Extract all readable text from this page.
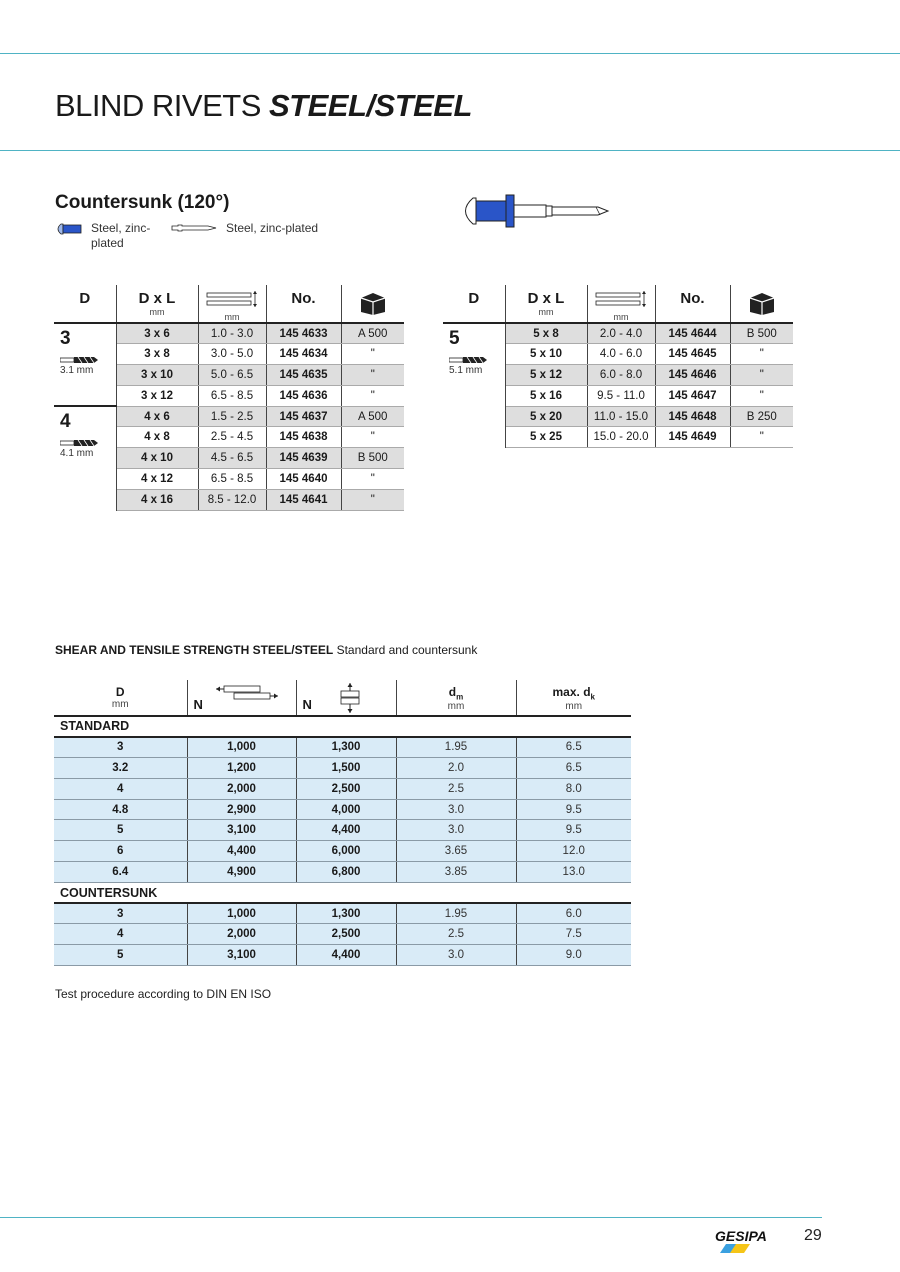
BLIND RIVETS STEEL/STEEL
Countersunk (120°)
Steel, zinc-plated
Steel, zinc-plated
D	D x L
mm	mm	No.	

3
3.1 mm	3 x 6	1.0 - 3.0	145 4633	A 500
	3 x 8	3.0 - 5.0	145 4634	"
	3 x 10	5.0 - 6.5	145 4635	"
	3 x 12	6.5 - 8.5	145 4636	"

4
4.1 mm	4 x 6	1.5 - 2.5	145 4637	A 500
	4 x 8	2.5 - 4.5	145 4638	"
	4 x 10	4.5 - 6.5	145 4639	B 500
	4 x 12	6.5 - 8.5	145 4640	"
	4 x 16	8.5 - 12.0	145 4641	"
D	D x L
mm	mm	No.	

5
5.1 mm	5 x 8	2.0 - 4.0	145 4644	B 500
	5 x 10	4.0 - 6.0	145 4645	"
	5 x 12	6.0 - 8.0	145 4646	"
	5 x 16	9.5 - 11.0	145 4647	"
	5 x 20	11.0 - 15.0	145 4648	B 250
	5 x 25	15.0 - 20.0	145 4649	"
SHEAR AND TENSILE STRENGTH STEEL/STEEL Standard and countersunk
D
mm	N	N	$d_m$
mm	max. $d_k$
mm

STANDARD				
3	1,000	1,300	1.95	6.5
3.2	1,200	1,500	2.0	6.5
4	2,000	2,500	2.5	8.0
4.8	2,900	4,000	3.0	9.5
5	3,100	4,400	3.0	9.5
6	4,400	6,000	3.65	12.0
6.4	4,900	6,800	3.85	13.0
COUNTERSUNK				
3	1,000	1,300	1.95	6.0
4	2,000	2,500	2.5	7.5
5	3,100	4,400	3.0	9.0
Test procedure according to DIN EN ISO
GESIPA 29
